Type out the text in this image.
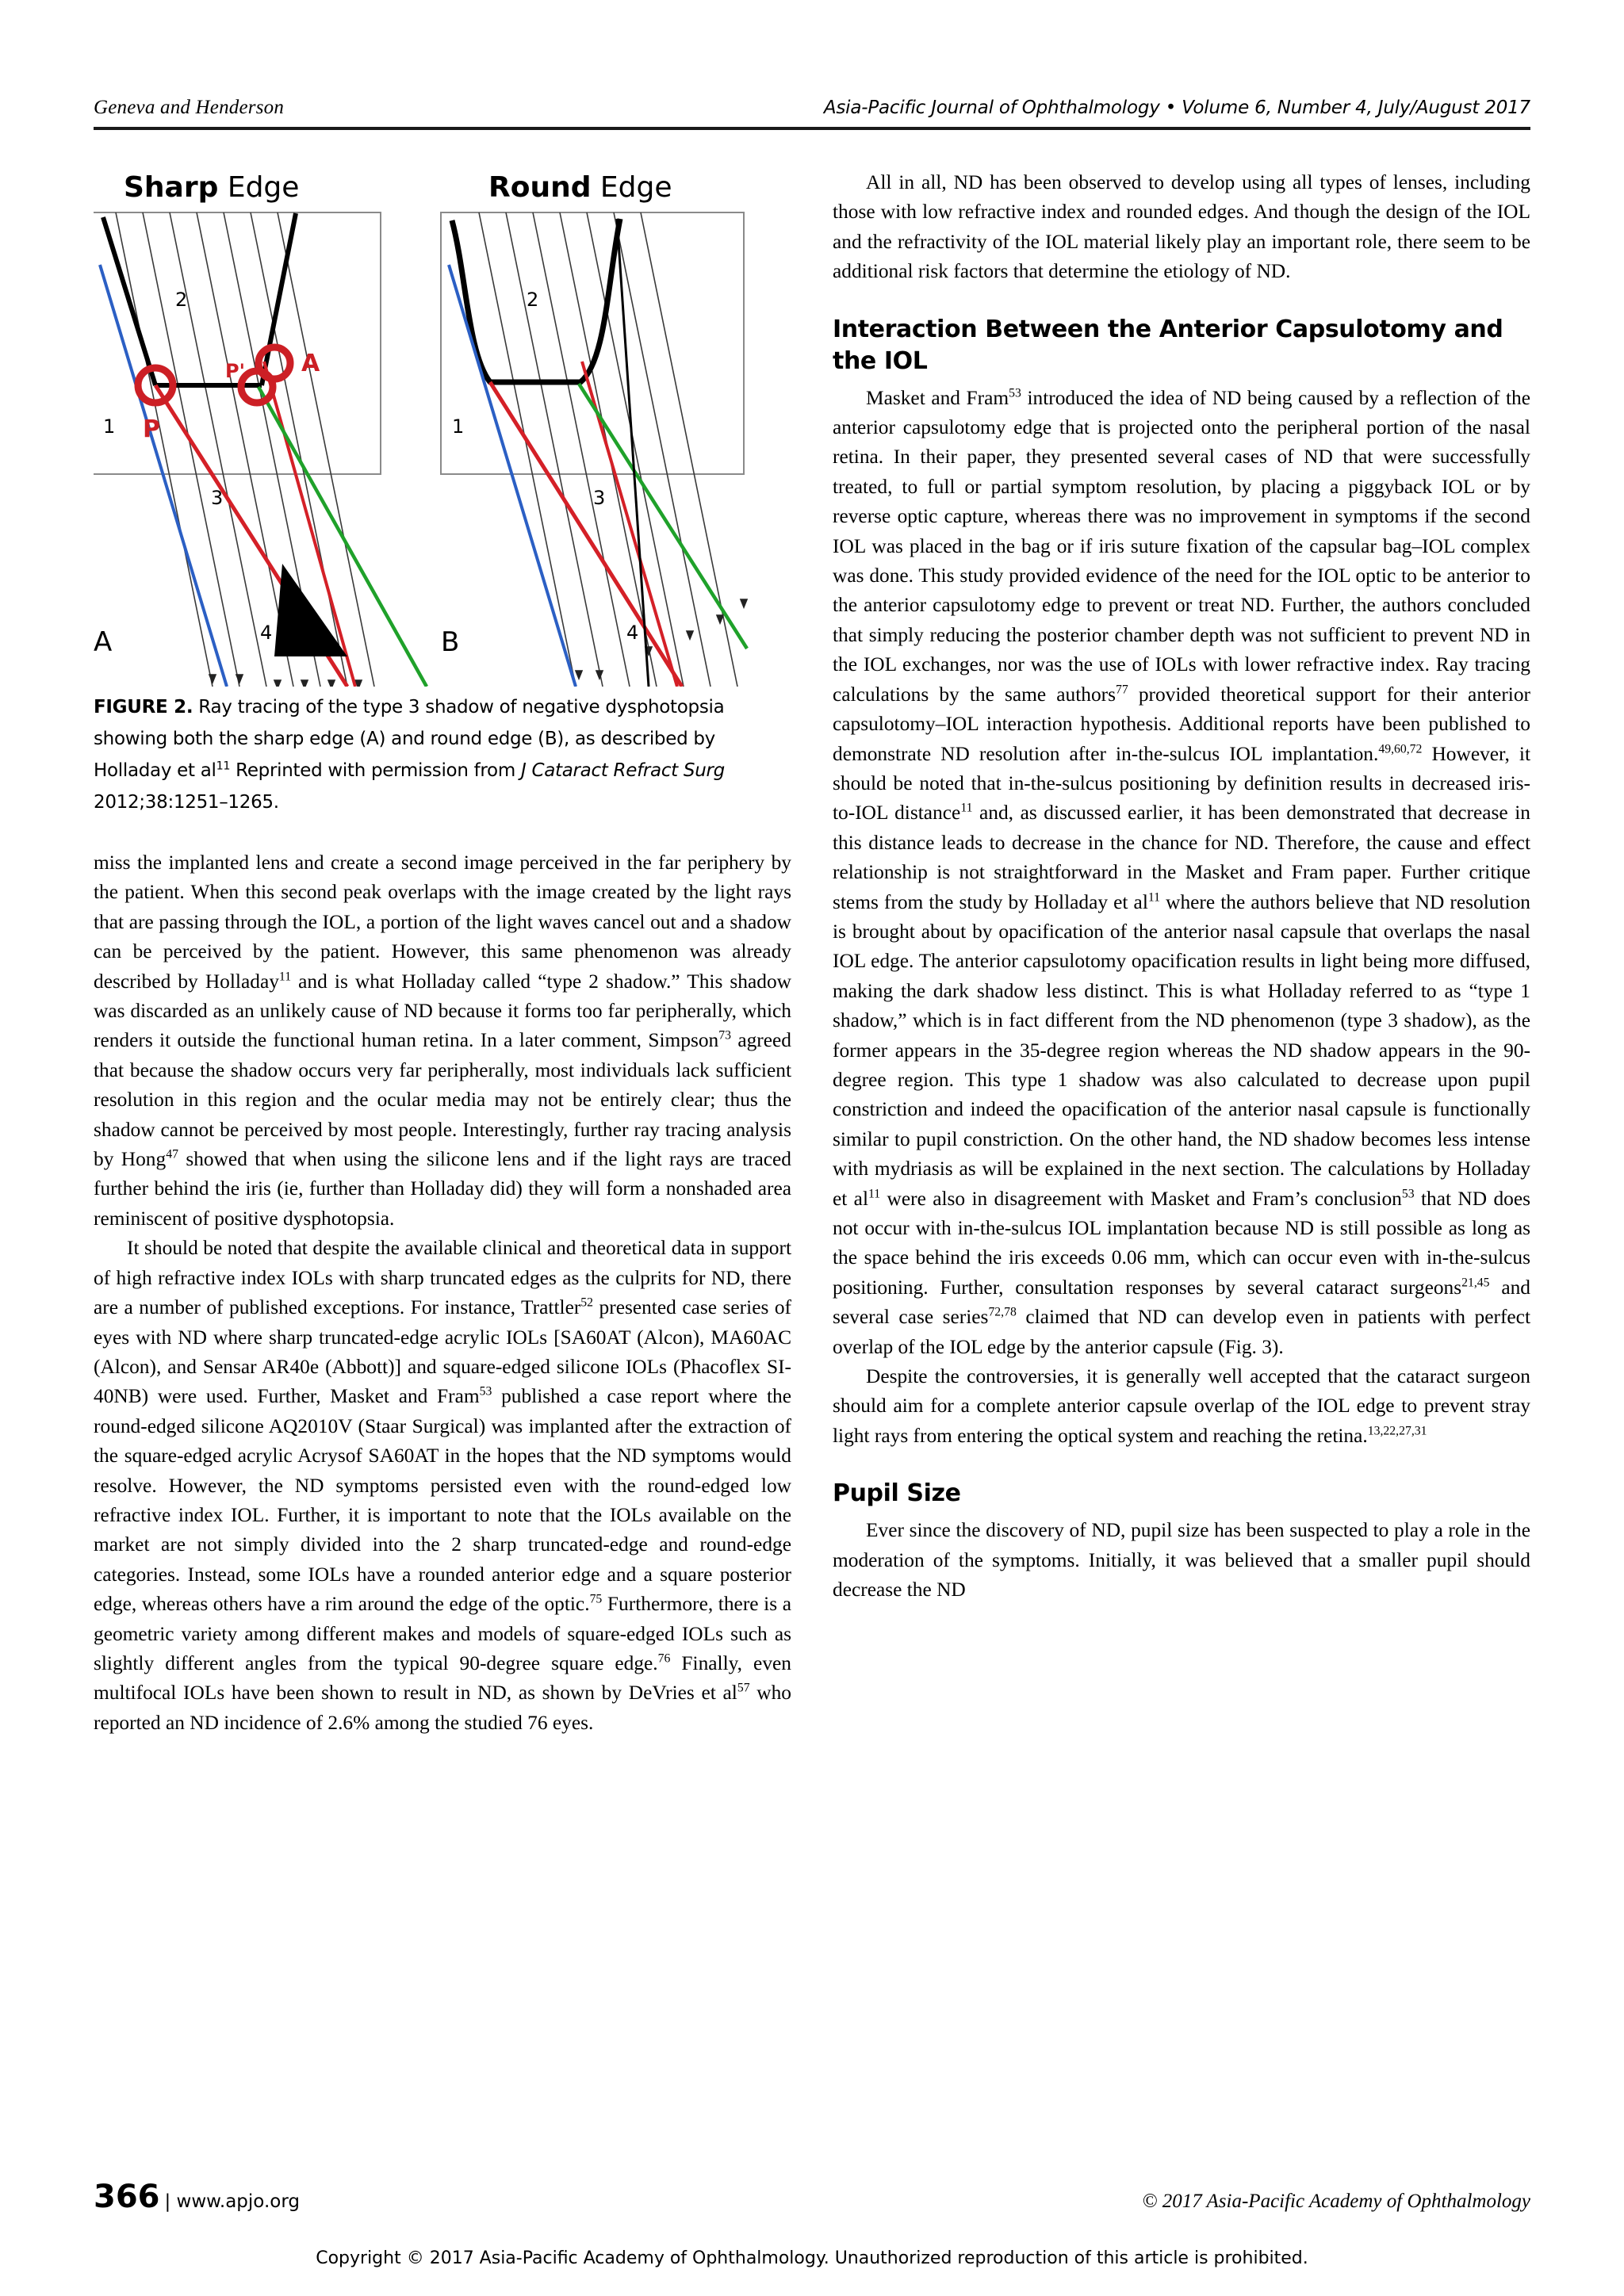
Geneva and Henderson	Asia-Pacific Journal of Ophthalmology • Volume 6, Number 4, July/August 2017
Sharp Edge	Round Edge
2
1
3
4
2
1
3
4
P
P' A
A	B
FIGURE 2. Ray tracing of the type 3 shadow of negative dysphotopsia showing both the sharp edge (A) and round edge (B), as described by Holladay et $al^{11}$ Reprinted with permission from J Cataract Refract Surg 2012;38:1251–1265.

miss the implanted lens and create a second image perceived in the far periphery by the patient. When this second peak overlaps with the image created by the light rays that are passing through the IOL, a portion of the light waves cancel out and a shadow can be perceived by the patient. However, this same phenomenon was already described by Holladay$^{11}$ and is what Holladay called “type 2 shadow.” This shadow was discarded as an unlikely cause of ND because it forms too far peripherally, which renders it outside the functional human retina. In a later comment, Simpson$^{73}$ agreed that because the shadow occurs very far peripherally, most individuals lack sufficient resolution in this region and the ocular media may not be entirely clear; thus the shadow cannot be perceived by most people. Interestingly, further ray tracing analysis by Hong$^{47}$ showed that when using the silicone lens and if the light rays are traced further behind the iris (ie, further than Holladay did) they will form a nonshaded area reminiscent of positive dysphotopsia.

It should be noted that despite the available clinical and theoretical data in support of high refractive index IOLs with sharp truncated edges as the culprits for ND, there are a number of published exceptions. For instance, Trattler$^{52}$ presented case series of eyes with ND where sharp truncated-edge acrylic IOLs [SA60AT (Alcon), MA60AC (Alcon), and Sensar AR40e (Abbott)] and square-edged silicone IOLs (Phacoflex SI-40NB) were used. Further, Masket and Fram$^{53}$ published a case report where the round-edged silicone AQ2010V (Staar Surgical) was implanted after the extraction of the square-edged acrylic Acrysof SA60AT in the hopes that the ND symptoms would resolve. However, the ND symptoms persisted even with the round-edged low refractive index IOL. Further, it is important to note that the IOLs available on the market are not simply divided into the 2 sharp truncated-edge and round-edge categories. Instead, some IOLs have a rounded anterior edge and a square posterior edge, whereas others have a rim around the edge of the optic.$^{75}$ Furthermore, there is a geometric variety among different makes and models of square-edged IOLs such as slightly different angles from the typical 90-degree square edge.$^{76}$ Finally, even multifocal IOLs have been shown to result in ND, as shown by DeVries et $al^{57}$ who reported an ND incidence of 2.6% among the studied 76 eyes.

All in all, ND has been observed to develop using all types of lenses, including those with low refractive index and rounded edges. And though the design of the IOL and the refractivity of the IOL material likely play an important role, there seem to be additional risk factors that determine the etiology of ND.

Interaction Between the Anterior Capsulotomy and the IOL

Masket and Fram$^{53}$ introduced the idea of ND being caused by a reflection of the anterior capsulotomy edge that is projected onto the peripheral portion of the nasal retina. In their paper, they presented several cases of ND that were successfully treated, to full or partial symptom resolution, by placing a piggyback IOL or by reverse optic capture, whereas there was no improvement in symptoms if the second IOL was placed in the bag or if iris suture fixation of the capsular bag–IOL complex was done. This study provided evidence of the need for the IOL optic to be anterior to the anterior capsulotomy edge to prevent or treat ND. Further, the authors concluded that simply reducing the posterior chamber depth was not sufficient to prevent ND in the IOL exchanges, nor was the use of IOLs with lower refractive index. Ray tracing calculations by the same authors$^{77}$ provided theoretical support for their anterior capsulotomy–IOL interaction hypothesis. Additional reports have been published to demonstrate ND resolution after in-the-sulcus IOL implantation.$^{49,60,72}$ However, it should be noted that in-the-sulcus positioning by definition results in decreased iris-to-IOL distance$^{11}$ and, as discussed earlier, it has been demonstrated that decrease in this distance leads to decrease in the chance for ND. Therefore, the cause and effect relationship is not straightforward in the Masket and Fram paper. Further critique stems from the study by Holladay et $al^{11}$ where the authors believe that ND resolution is brought about by opacification of the anterior nasal capsule that overlaps the nasal IOL edge. The anterior capsulotomy opacification results in light being more diffused, making the dark shadow less distinct. This is what Holladay referred to as “type 1 shadow,” which is in fact different from the ND phenomenon (type 3 shadow), as the former appears in the 35-degree region whereas the ND shadow appears in the 90-degree region. This type 1 shadow was also calculated to decrease upon pupil constriction and indeed the opacification of the anterior nasal capsule is functionally similar to pupil constriction. On the other hand, the ND shadow becomes less intense with mydriasis as will be explained in the next section. The calculations by Holladay et $al^{11}$ were also in disagreement with Masket and Fram’s conclusion$^{53}$ that ND does not occur with in-the-sulcus IOL implantation because ND is still possible as long as the space behind the iris exceeds 0.06 mm, which can occur even with in-the-sulcus positioning. Further, consultation responses by several cataract surgeons$^{21,45}$ and several case series$^{72,78}$ claimed that ND can develop even in patients with perfect overlap of the IOL edge by the anterior capsule (Fig. 3).

Despite the controversies, it is generally well accepted that the cataract surgeon should aim for a complete anterior capsule overlap of the IOL edge to prevent stray light rays from entering the optical system and reaching the retina.$^{13,22,27,31}$

Pupil Size

Ever since the discovery of ND, pupil size has been suspected to play a role in the moderation of the symptoms. Initially, it was believed that a smaller pupil should decrease the ND

366 | www.apjo.org	© 2017 Asia-Pacific Academy of Ophthalmology
Copyright © 2017 Asia-Pacific Academy of Ophthalmology. Unauthorized reproduction of this article is prohibited.
